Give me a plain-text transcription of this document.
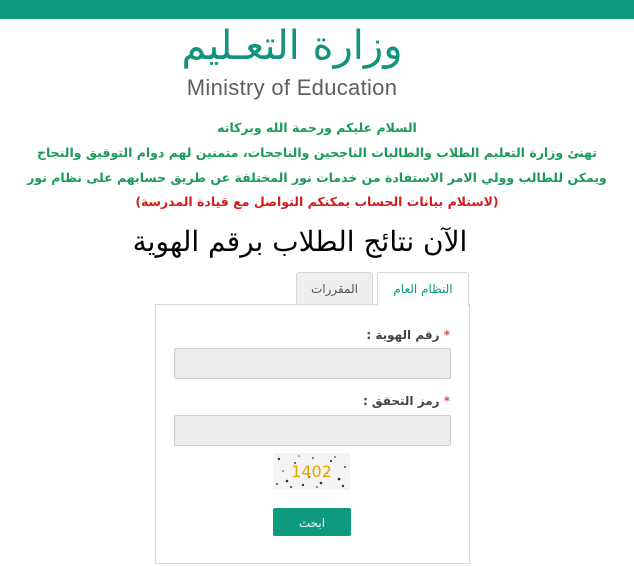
وزارة التعـليم
Ministry of Education
السلام عليكم ورحمة الله وبركاته
تهنئ وزارة التعليم الطلاب والطالبات الناجحين والناجحات، متمنين لهم دوام التوفيق والنجاح
ويمكن للطالب وولي الامر الاستفادة من خدمات نور المختلفة عن طريق حسابهم على نظام نور
(لاستلام بيانات الحساب يمكنكم التواصل مع قيادة المدرسة)
الآن نتائج الطلاب برقم الهوية
النظام العام
المقررات
* رقم الهوية :
* رمز التحقق :
1402
ابحث
